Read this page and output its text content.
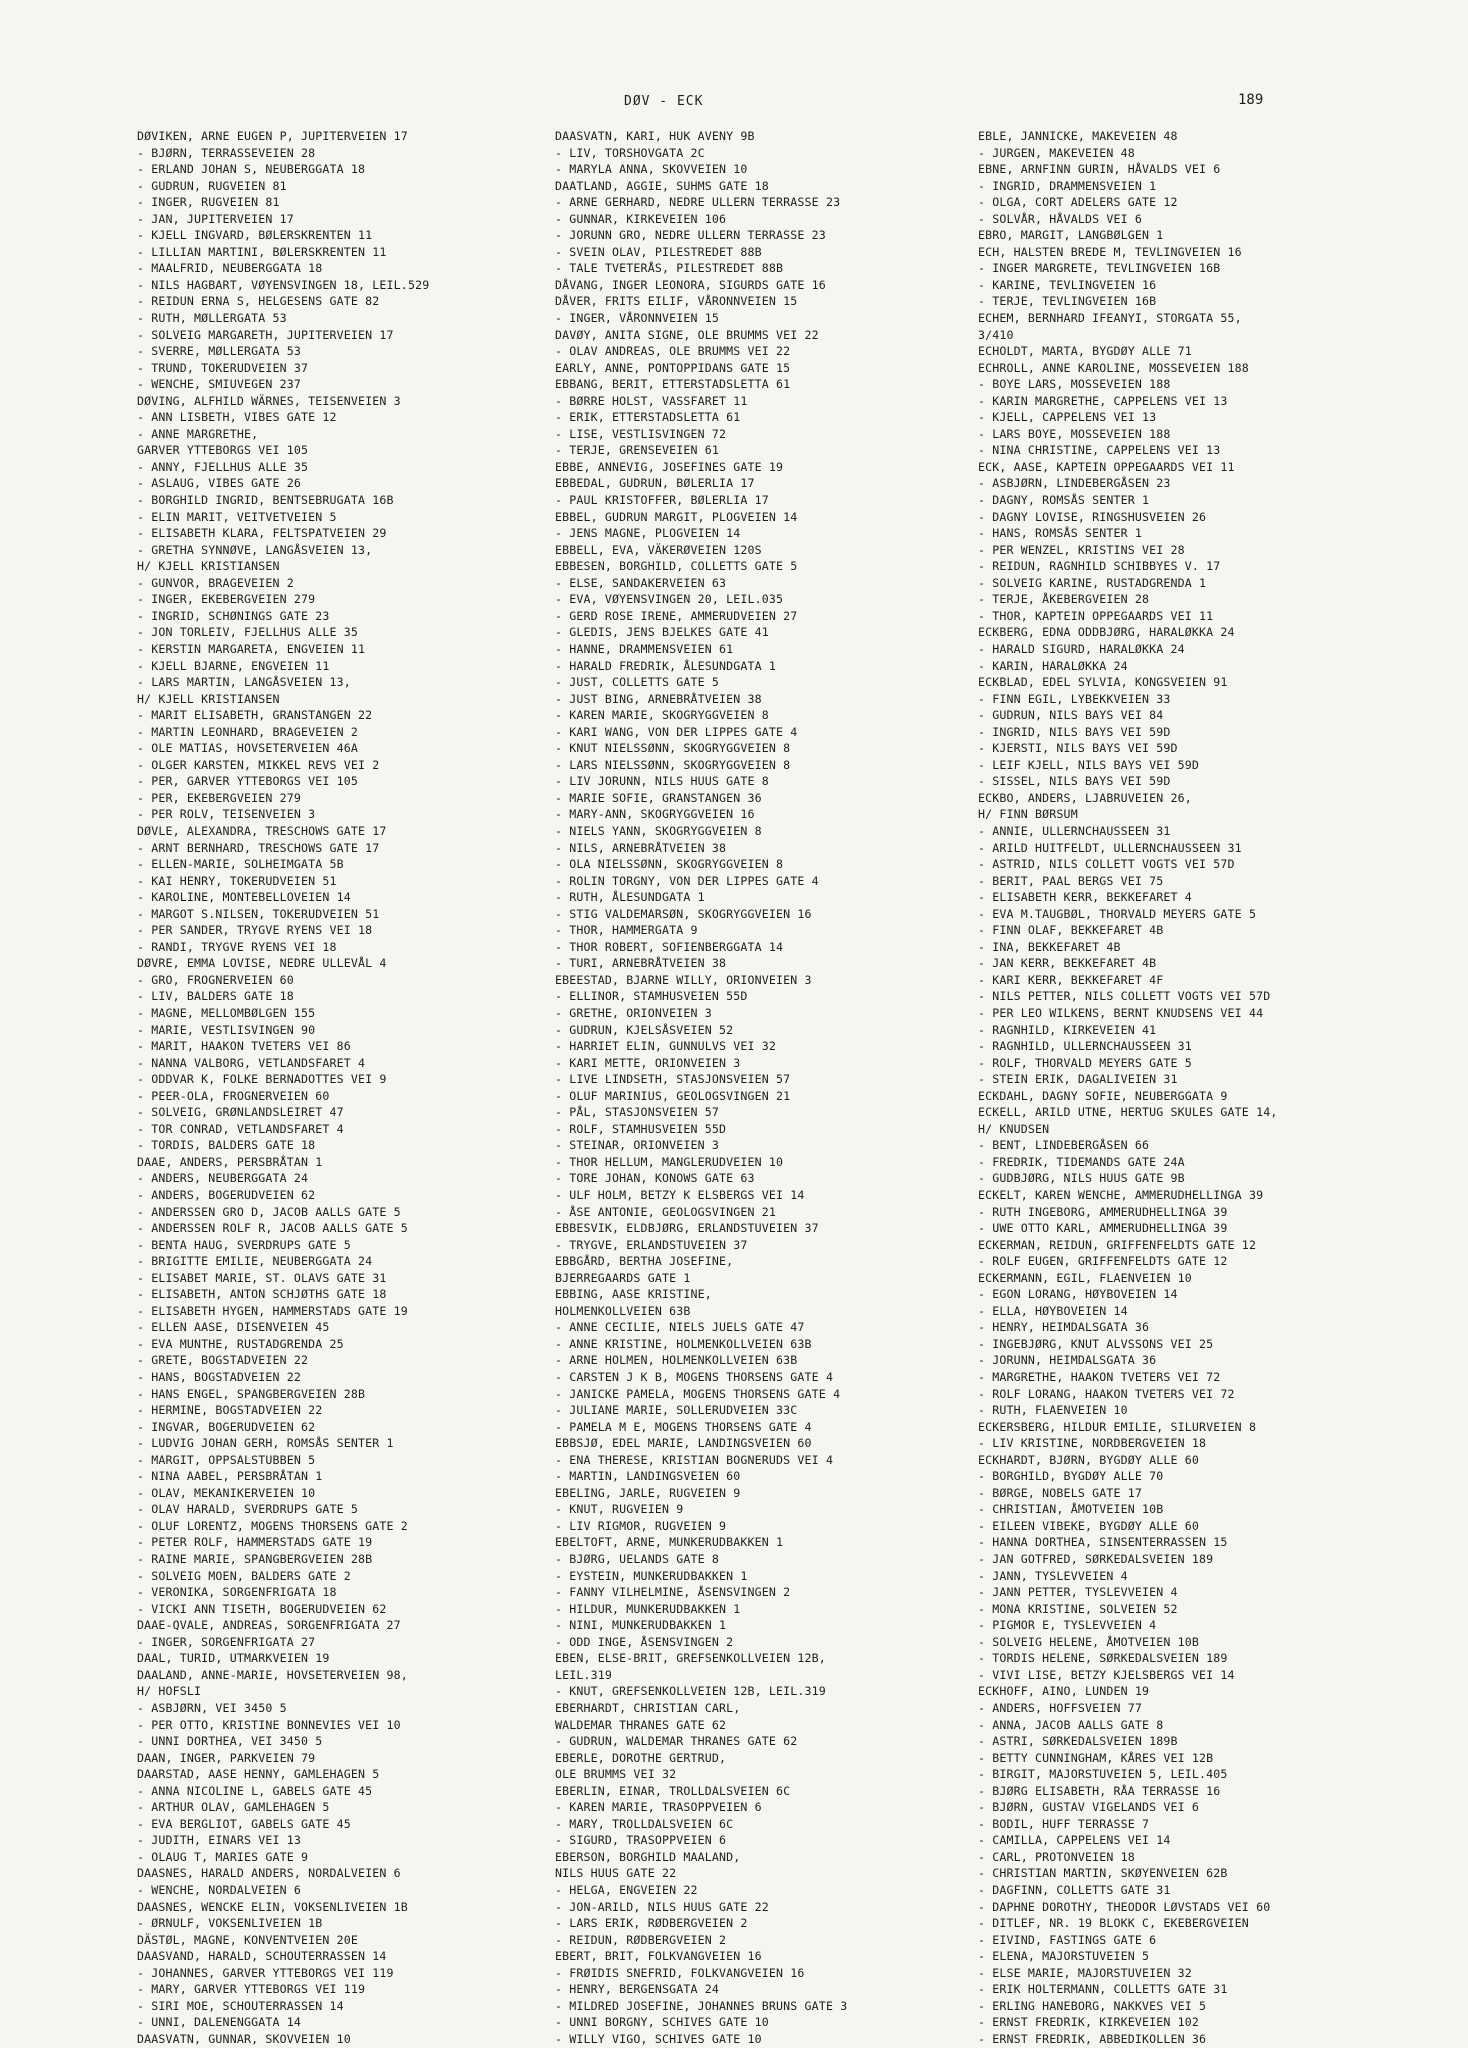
DØV - ECK	189
DØVIKEN, ARNE EUGEN P, JUPITERVEIEN 17
- BJØRN, TERRASSEVEIEN 28
- ERLAND JOHAN S, NEUBERGGATA 18
- GUDRUN, RUGVEIEN 81
- INGER, RUGVEIEN 81
- JAN, JUPITERVEIEN 17
- KJELL INGVARD, BØLERSKRENTEN 11
- LILLIAN MARTINI, BØLERSKRENTEN 11
- MAALFRID, NEUBERGGATA 18
- NILS HAGBART, VØYENSVINGEN 18, LEIL.529
- REIDUN ERNA S, HELGESENS GATE 82
- RUTH, MØLLERGATA 53
- SOLVEIG MARGARETH, JUPITERVEIEN 17
- SVERRE, MØLLERGATA 53
- TRUND, TOKERUDVEIEN 37
- WENCHE, SMIUVEGEN 237
DØVING, ALFHILD WÄRNES, TEISENVEIEN 3
- ANN LISBETH, VIBES GATE 12
- ANNE MARGRETHE,
GARVER YTTEBORGS VEI 105
- ANNY, FJELLHUS ALLE 35
- ASLAUG, VIBES GATE 26
- BORGHILD INGRID, BENTSEBRUGATA 16B
- ELIN MARIT, VEITVETVEIEN 5
- ELISABETH KLARA, FELTSPATVEIEN 29
- GRETHA SYNNØVE, LANGÅSVEIEN 13,
H/ KJELL KRISTIANSEN
- GUNVOR, BRAGEVEIEN 2
- INGER, EKEBERGVEIEN 279
- INGRID, SCHØNINGS GATE 23
- JON TORLEIV, FJELLHUS ALLE 35
- KERSTIN MARGARETA, ENGVEIEN 11
- KJELL BJARNE, ENGVEIEN 11
- LARS MARTIN, LANGÅSVEIEN 13,
H/ KJELL KRISTIANSEN
- MARIT ELISABETH, GRANSTANGEN 22
- MARTIN LEONHARD, BRAGEVEIEN 2
- OLE MATIAS, HOVSETERVEIEN 46A
- OLGER KARSTEN, MIKKEL REVS VEI 2
- PER, GARVER YTTEBORGS VEI 105
- PER, EKEBERGVEIEN 279
- PER ROLV, TEISENVEIEN 3
DØVLE, ALEXANDRA, TRESCHOWS GATE 17
- ARNT BERNHARD, TRESCHOWS GATE 17
- ELLEN-MARIE, SOLHEIMGATA 5B
- KAI HENRY, TOKERUDVEIEN 51
- KAROLINE, MONTEBELLOVEIEN 14
- MARGOT S.NILSEN, TOKERUDVEIEN 51
- PER SANDER, TRYGVE RYENS VEI 18
- RANDI, TRYGVE RYENS VEI 18
DØVRE, EMMA LOVISE, NEDRE ULLEVÅL 4
- GRO, FROGNERVEIEN 60
- LIV, BALDERS GATE 18
- MAGNE, MELLOMBØLGEN 155
- MARIE, VESTLISVINGEN 90
- MARIT, HAAKON TVETERS VEI 86
- NANNA VALBORG, VETLANDSFARET 4
- ODDVAR K, FOLKE BERNADOTTES VEI 9
- PEER-OLA, FROGNERVEIEN 60
- SOLVEIG, GRØNLANDSLEIRET 47
- TOR CONRAD, VETLANDSFARET 4
- TORDIS, BALDERS GATE 18
DAAE, ANDERS, PERSBRÅTAN 1
- ANDERS, NEUBERGGATA 24
- ANDERS, BOGERUDVEIEN 62
- ANDERSSEN GRO D, JACOB AALLS GATE 5
- ANDERSSEN ROLF R, JACOB AALLS GATE 5
- BENTA HAUG, SVERDRUPS GATE 5
- BRIGITTE EMILIE, NEUBERGGATA 24
- ELISABET MARIE, ST. OLAVS GATE 31
- ELISABETH, ANTON SCHJØTHS GATE 18
- ELISABETH HYGEN, HAMMERSTADS GATE 19
- ELLEN AASE, DISENVEIEN 45
- EVA MUNTHE, RUSTADGRENDA 25
- GRETE, BOGSTADVEIEN 22
- HANS, BOGSTADVEIEN 22
- HANS ENGEL, SPANGBERGVEIEN 28B
- HERMINE, BOGSTADVEIEN 22
- INGVAR, BOGERUDVEIEN 62
- LUDVIG JOHAN GERH, ROMSÅS SENTER 1
- MARGIT, OPPSALSTUBBEN 5
- NINA AABEL, PERSBRÅTAN 1
- OLAV, MEKANIKERVEIEN 10
- OLAV HARALD, SVERDRUPS GATE 5
- OLUF LORENTZ, MOGENS THORSENS GATE 2
- PETER ROLF, HAMMERSTADS GATE 19
- RAINE MARIE, SPANGBERGVEIEN 28B
- SOLVEIG MOEN, BALDERS GATE 2
- VERONIKA, SORGENFRIGATA 18
- VICKI ANN TISETH, BOGERUDVEIEN 62
DAAE-QVALE, ANDREAS, SORGENFRIGATA 27
- INGER, SORGENFRIGATA 27
DAAL, TURID, UTMARKVEIEN 19
DAALAND, ANNE-MARIE, HOVSETERVEIEN 98,
H/ HOFSLI
- ASBJØRN, VEI 3450 5
- PER OTTO, KRISTINE BONNEVIES VEI 10
- UNNI DORTHEA, VEI 3450 5
DAAN, INGER, PARKVEIEN 79
DAARSTAD, AASE HENNY, GAMLEHAGEN 5
- ANNA NICOLINE L, GABELS GATE 45
- ARTHUR OLAV, GAMLEHAGEN 5
- EVA BERGLIOT, GABELS GATE 45
- JUDITH, EINARS VEI 13
- OLAUG T, MARIES GATE 9
DAASNES, HARALD ANDERS, NORDALVEIEN 6
- WENCHE, NORDALVEIEN 6
DAASNES, WENCKE ELIN, VOKSENLIVEIEN 1B
- ØRNULF, VOKSENLIVEIEN 1B
DÄSTØL, MAGNE, KONVENTVEIEN 20E
DAASVAND, HARALD, SCHOUTERRASSEN 14
- JOHANNES, GARVER YTTEBORGS VEI 119
- MARY, GARVER YTTEBORGS VEI 119
- SIRI MOE, SCHOUTERRASSEN 14
- UNNI, DALENENGGATA 14
DAASVATN, GUNNAR, SKOVVEIEN 10
DAASVATN, KARI, HUK AVENY 9B
- LIV, TORSHOVGATA 2C
- MARYLA ANNA, SKOVVEIEN 10
DAATLAND, AGGIE, SUHMS GATE 18
- ARNE GERHARD, NEDRE ULLERN TERRASSE 23
- GUNNAR, KIRKEVEIEN 106
- JORUNN GRO, NEDRE ULLERN TERRASSE 23
- SVEIN OLAV, PILESTREDET 88B
- TALE TVETERÅS, PILESTREDET 88B
DÅVANG, INGER LEONORA, SIGURDS GATE 16
DÅVER, FRITS EILIF, VÅRONNVEIEN 15
- INGER, VÅRONNVEIEN 15
DAVØY, ANITA SIGNE, OLE BRUMMS VEI 22
- OLAV ANDREAS, OLE BRUMMS VEI 22
EARLY, ANNE, PONTOPPIDANS GATE 15
EBBANG, BERIT, ETTERSTADSLETTA 61
- BØRRE HOLST, VASSFARET 11
- ERIK, ETTERSTADSLETTA 61
- LISE, VESTLISVINGEN 72
- TERJE, GRENSEVEIEN 61
EBBE, ANNEVIG, JOSEFINES GATE 19
EBBEDAL, GUDRUN, BØLERLIA 17
- PAUL KRISTOFFER, BØLERLIA 17
EBBEL, GUDRUN MARGIT, PLOGVEIEN 14
- JENS MAGNE, PLOGVEIEN 14
EBBELL, EVA, VÄKERØVEIEN 120S
EBBESEN, BORGHILD, COLLETTS GATE 5
- ELSE, SANDAKERVEIEN 63
- EVA, VØYENSVINGEN 20, LEIL.035
- GERD ROSE IRENE, AMMERUDVEIEN 27
- GLEDIS, JENS BJELKES GATE 41
- HANNE, DRAMMENSVEIEN 61
- HARALD FREDRIK, ÅLESUNDGATA 1
- JUST, COLLETTS GATE 5
- JUST BING, ARNEBRÅTVEIEN 38
- KAREN MARIE, SKOGRYGGVEIEN 8
- KARI WANG, VON DER LIPPES GATE 4
- KNUT NIELSSØNN, SKOGRYGGVEIEN 8
- LARS NIELSSØNN, SKOGRYGGVEIEN 8
- LIV JORUNN, NILS HUUS GATE 8
- MARIE SOFIE, GRANSTANGEN 36
- MARY-ANN, SKOGRYGGVEIEN 16
- NIELS YANN, SKOGRYGGVEIEN 8
- NILS, ARNEBRÅTVEIEN 38
- OLA NIELSSØNN, SKOGRYGGVEIEN 8
- ROLIN TORGNY, VON DER LIPPES GATE 4
- RUTH, ÅLESUNDGATA 1
- STIG VALDEMARSØN, SKOGRYGGVEIEN 16
- THOR, HAMMERGATA 9
- THOR ROBERT, SOFIENBERGGATA 14
- TURI, ARNEBRÅTVEIEN 38
EBEESTAD, BJARNE WILLY, ORIONVEIEN 3
- ELLINOR, STAMHUSVEIEN 55D
- GRETHE, ORIONVEIEN 3
- GUDRUN, KJELSÅSVEIEN 52
- HARRIET ELIN, GUNNULVS VEI 32
- KARI METTE, ORIONVEIEN 3
- LIVE LINDSETH, STASJONSVEIEN 57
- OLUF MARINIUS, GEOLOGSVINGEN 21
- PÅL, STASJONSVEIEN 57
- ROLF, STAMHUSVEIEN 55D
- STEINAR, ORIONVEIEN 3
- THOR HELLUM, MANGLERUDVEIEN 10
- TORE JOHAN, KONOWS GATE 63
- ULF HOLM, BETZY K ELSBERGS VEI 14
- ÅSE ANTONIE, GEOLOGSVINGEN 21
EBBESVIK, ELDBJØRG, ERLANDSTUVEIEN 37
- TRYGVE, ERLANDSTUVEIEN 37
EBBGÅRD, BERTHA JOSEFINE,
BJERREGAARDS GATE 1
EBBING, AASE KRISTINE,
HOLMENKOLLVEIEN 63B
- ANNE CECILIE, NIELS JUELS GATE 47
- ANNE KRISTINE, HOLMENKOLLVEIEN 63B
- ARNE HOLMEN, HOLMENKOLLVEIEN 63B
- CARSTEN J K B, MOGENS THORSENS GATE 4
- JANICKE PAMELA, MOGENS THORSENS GATE 4
- JULIANE MARIE, SOLLERUDVEIEN 33C
- PAMELA M E, MOGENS THORSENS GATE 4
EBBSJØ, EDEL MARIE, LANDINGSVEIEN 60
- ENA THERESE, KRISTIAN BOGNERUDS VEI 4
- MARTIN, LANDINGSVEIEN 60
EBELING, JARLE, RUGVEIEN 9
- KNUT, RUGVEIEN 9
- LIV RIGMOR, RUGVEIEN 9
EBELTOFT, ARNE, MUNKERUDBAKKEN 1
- BJØRG, UELANDS GATE 8
- EYSTEIN, MUNKERUDBAKKEN 1
- FANNY VILHELMINE, ÅSENSVINGEN 2
- HILDUR, MUNKERUDBAKKEN 1
- NINI, MUNKERUDBAKKEN 1
- ODD INGE, ÅSENSVINGEN 2
EBEN, ELSE-BRIT, GREFSENKOLLVEIEN 12B,
LEIL.319
- KNUT, GREFSENKOLLVEIEN 12B, LEIL.319
EBERHARDT, CHRISTIAN CARL,
WALDEMAR THRANES GATE 62
- GUDRUN, WALDEMAR THRANES GATE 62
EBERLE, DOROTHE GERTRUD,
OLE BRUMMS VEI 32
EBERLIN, EINAR, TROLLDALSVEIEN 6C
- KAREN MARIE, TRASOPPVEIEN 6
- MARY, TROLLDALSVEIEN 6C
- SIGURD, TRASOPPVEIEN 6
EBERSON, BORGHILD MAALAND,
NILS HUUS GATE 22
- HELGA, ENGVEIEN 22
- JON-ARILD, NILS HUUS GATE 22
- LARS ERIK, RØDBERGVEIEN 2
- REIDUN, RØDBERGVEIEN 2
EBERT, BRIT, FOLKVANGVEIEN 16
- FRØIDIS SNEFRID, FOLKVANGVEIEN 16
- HENRY, BERGENSGATA 24
- MILDRED JOSEFINE, JOHANNES BRUNS GATE 3
- UNNI BORGNY, SCHIVES GATE 10
- WILLY VIGO, SCHIVES GATE 10
EBLE, JANNICKE, MAKEVEIEN 48
- JURGEN, MAKEVEIEN 48
EBNE, ARNFINN GURIN, HÅVALDS VEI 6
- INGRID, DRAMMENSVEIEN 1
- OLGA, CORT ADELERS GATE 12
- SOLVÅR, HÅVALDS VEI 6
EBRO, MARGIT, LANGBØLGEN 1
ECH, HALSTEN BREDE M, TEVLINGVEIEN 16
- INGER MARGRETE, TEVLINGVEIEN 16B
- KARINE, TEVLINGVEIEN 16
- TERJE, TEVLINGVEIEN 16B
ECHEM, BERNHARD IFEANYI, STORGATA 55,
3/410
ECHOLDT, MARTA, BYGDØY ALLE 71
ECHROLL, ANNE KAROLINE, MOSSEVEIEN 188
- BOYE LARS, MOSSEVEIEN 188
- KARIN MARGRETHE, CAPPELENS VEI 13
- KJELL, CAPPELENS VEI 13
- LARS BOYE, MOSSEVEIEN 188
- NINA CHRISTINE, CAPPELENS VEI 13
ECK, AASE, KAPTEIN OPPEGAARDS VEI 11
- ASBJØRN, LINDEBERGÅSEN 23
- DAGNY, ROMSÅS SENTER 1
- DAGNY LOVISE, RINGSHUSVEIEN 26
- HANS, ROMSÅS SENTER 1
- PER WENZEL, KRISTINS VEI 28
- REIDUN, RAGNHILD SCHIBBYES V. 17
- SOLVEIG KARINE, RUSTADGRENDA 1
- TERJE, ÅKEBERGVEIEN 28
- THOR, KAPTEIN OPPEGAARDS VEI 11
ECKBERG, EDNA ODDBJØRG, HARALØKKA 24
- HARALD SIGURD, HARALØKKA 24
- KARIN, HARALØKKA 24
ECKBLAD, EDEL SYLVIA, KONGSVEIEN 91
- FINN EGIL, LYBEKKVEIEN 33
- GUDRUN, NILS BAYS VEI 84
- INGRID, NILS BAYS VEI 59D
- KJERSTI, NILS BAYS VEI 59D
- LEIF KJELL, NILS BAYS VEI 59D
- SISSEL, NILS BAYS VEI 59D
ECKBO, ANDERS, LJABRUVEIEN 26,
H/ FINN BØRSUM
- ANNIE, ULLERNCHAUSSEEN 31
- ARILD HUITFELDT, ULLERNCHAUSSEEN 31
- ASTRID, NILS COLLETT VOGTS VEI 57D
- BERIT, PAAL BERGS VEI 75
- ELISABETH KERR, BEKKEFARET 4
- EVA M.TAUGBØL, THORVALD MEYERS GATE 5
- FINN OLAF, BEKKEFARET 4B
- INA, BEKKEFARET 4B
- JAN KERR, BEKKEFARET 4B
- KARI KERR, BEKKEFARET 4F
- NILS PETTER, NILS COLLETT VOGTS VEI 57D
- PER LEO WILKENS, BERNT KNUDSENS VEI 44
- RAGNHILD, KIRKEVEIEN 41
- RAGNHILD, ULLERNCHAUSSEEN 31
- ROLF, THORVALD MEYERS GATE 5
- STEIN ERIK, DAGALIVEIEN 31
ECKDAHL, DAGNY SOFIE, NEUBERGGATA 9
ECKELL, ARILD UTNE, HERTUG SKULES GATE 14,
H/ KNUDSEN
- BENT, LINDEBERGÅSEN 66
- FREDRIK, TIDEMANDS GATE 24A
- GUDBJØRG, NILS HUUS GATE 9B
ECKELT, KAREN WENCHE, AMMERUDHELLINGA 39
- RUTH INGEBORG, AMMERUDHELLINGA 39
- UWE OTTO KARL, AMMERUDHELLINGA 39
ECKERMAN, REIDUN, GRIFFENFELDTS GATE 12
- ROLF EUGEN, GRIFFENFELDTS GATE 12
ECKERMANN, EGIL, FLAENVEIEN 10
- EGON LORANG, HØYBOVEIEN 14
- ELLA, HØYBOVEIEN 14
- HENRY, HEIMDALSGATA 36
- INGEBJØRG, KNUT ALVSSONS VEI 25
- JORUNN, HEIMDALSGATA 36
- MARGRETHE, HAAKON TVETERS VEI 72
- ROLF LORANG, HAAKON TVETERS VEI 72
- RUTH, FLAENVEIEN 10
ECKERSBERG, HILDUR EMILIE, SILURVEIEN 8
- LIV KRISTINE, NORDBERGVEIEN 18
ECKHARDT, BJØRN, BYGDØY ALLE 60
- BORGHILD, BYGDØY ALLE 70
- BØRGE, NOBELS GATE 17
- CHRISTIAN, ÅMOTVEIEN 10B
- EILEEN VIBEKE, BYGDØY ALLE 60
- HANNA DORTHEA, SINSENTERRASSEN 15
- JAN GOTFRED, SØRKEDALSVEIEN 189
- JANN, TYSLEVVEIEN 4
- JANN PETTER, TYSLEVVEIEN 4
- MONA KRISTINE, SOLVEIEN 52
- PIGMOR E, TYSLEVVEIEN 4
- SOLVEIG HELENE, ÅMOTVEIEN 10B
- TORDIS HELENE, SØRKEDALSVEIEN 189
- VIVI LISE, BETZY KJELSBERGS VEI 14
ECKHOFF, AINO, LUNDEN 19
- ANDERS, HOFFSVEIEN 77
- ANNA, JACOB AALLS GATE 8
- ASTRI, SØRKEDALSVEIEN 189B
- BETTY CUNNINGHAM, KÅRES VEI 12B
- BIRGIT, MAJORSTUVEIEN 5, LEIL.405
- BJØRG ELISABETH, RÅA TERRASSE 16
- BJØRN, GUSTAV VIGELANDS VEI 6
- BODIL, HUFF TERRASSE 7
- CAMILLA, CAPPELENS VEI 14
- CARL, PROTONVEIEN 18
- CHRISTIAN MARTIN, SKØYENVEIEN 62B
- DAGFINN, COLLETTS GATE 31
- DAPHNE DOROTHY, THEODOR LØVSTADS VEI 60
- DITLEF, NR. 19 BLOKK C, EKEBERGVEIEN
- EIVIND, FASTINGS GATE 6
- ELENA, MAJORSTUVEIEN 5
- ELSE MARIE, MAJORSTUVEIEN 32
- ERIK HOLTERMANN, COLLETTS GATE 31
- ERLING HANEBORG, NAKKVES VEI 5
- ERNST FREDRIK, KIRKEVEIEN 102
- ERNST FREDRIK, ABBEDIKOLLEN 36
